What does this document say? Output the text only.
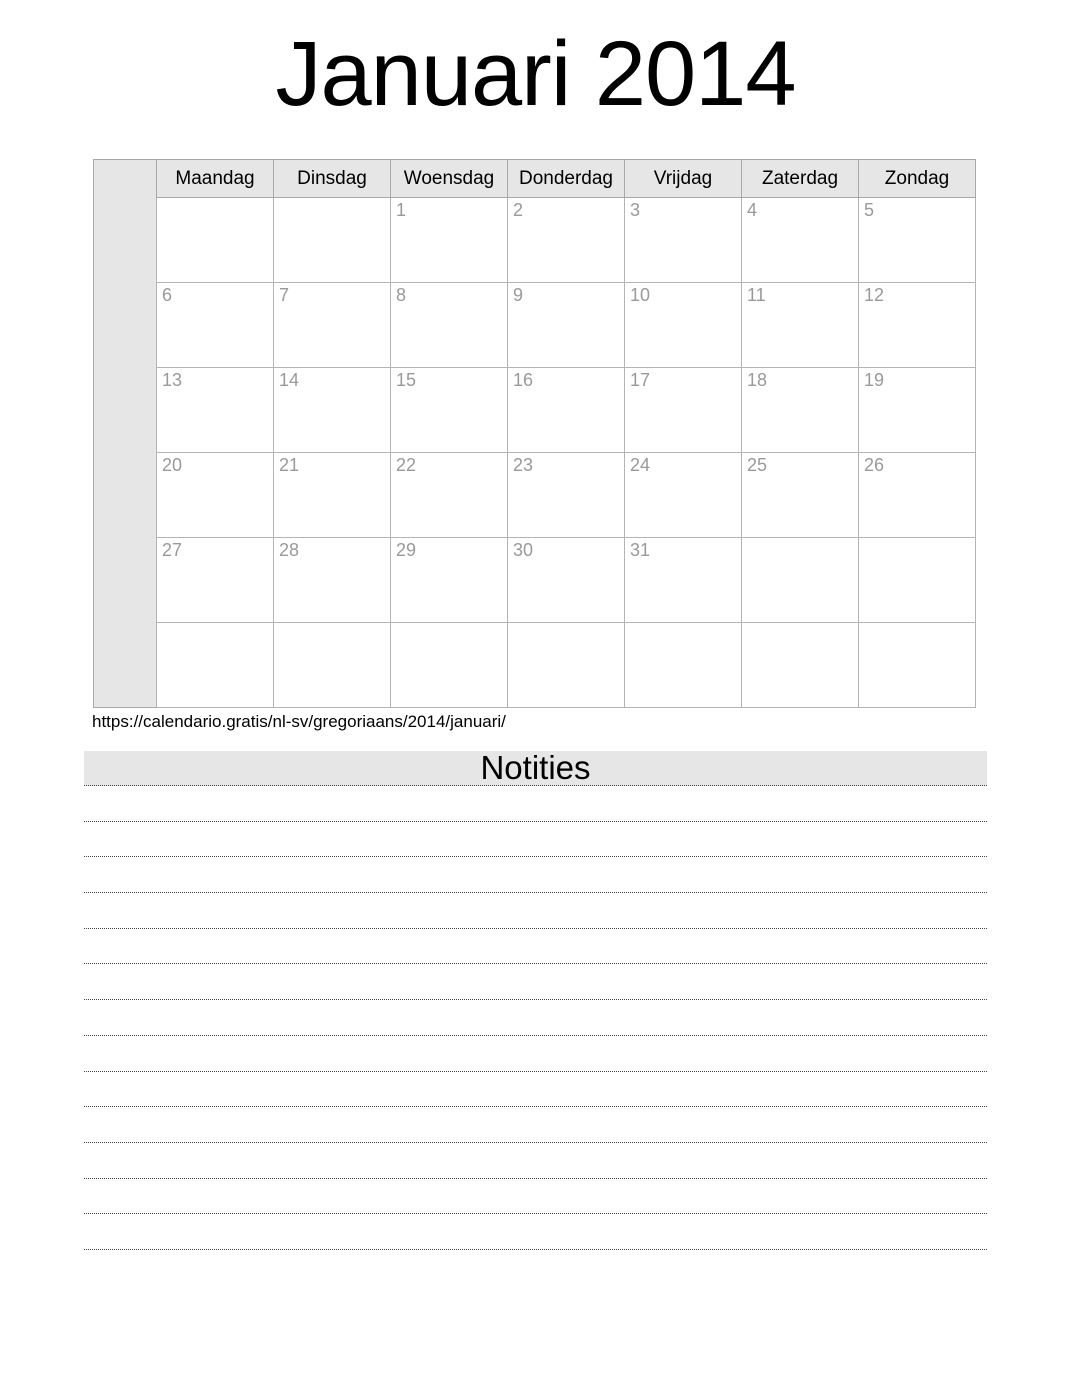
Januari 2014
Maandag	Dinsdag	Woensdag	Donderdag	Vrijdag	Zaterdag	Zondag

		1	2	3	4	5

6	7	8	9	10	11	12

13	14	15	16	17	18	19

20	21	22	23	24	25	26

27	28	29	30	31		

https://calendario.gratis/nl-sv/gregoriaans/2014/januari/
Notities
